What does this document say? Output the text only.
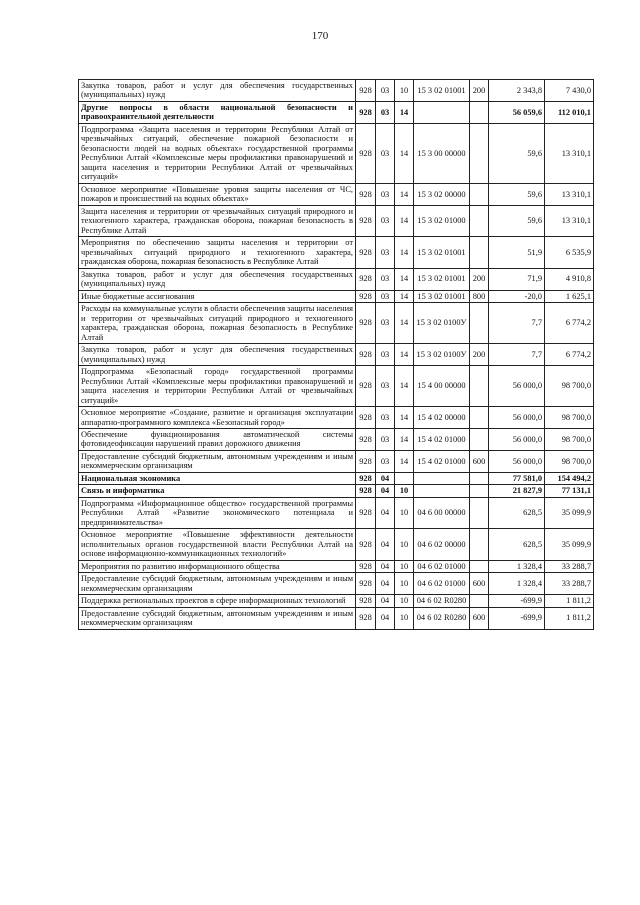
170
Закупка товаров, работ и услуг для обеспечения государственных (муниципальных) нужд	928	03	10	15 3 02 01001	200	2 343,8	7 430,0
Другие вопросы в области национальной безопасности и правоохранительной деятельности	928	03	14			56 059,6	112 010,1
Подпрограмма «Защита населения и территории Республики Алтай от чрезвычайных ситуаций, обеспечение пожарной безопасности и безопасности людей на водных объектах» государственной программы Республики Алтай «Комплексные меры профилактики правонарушений и защита населения и территории Республики Алтай от чрезвычайных ситуаций»	928	03	14	15 3 00 00000		59,6	13 310,1
Основное мероприятие «Повышение уровня защиты населения от ЧС, пожаров и происшествий на водных объектах»	928	03	14	15 3 02 00000		59,6	13 310,1
Защита населения и территории от чрезвычайных ситуаций природного и техногенного характера, гражданская оборона, пожарная безопасность в Республике Алтай	928	03	14	15 3 02 01000		59,6	13 310,1
Мероприятия по обеспечению защиты населения и территории от чрезвычайных ситуаций природного и техногенного характера, гражданская оборона, пожарная безопасность в Республике Алтай	928	03	14	15 3 02 01001		51,9	6 535,9
Закупка товаров, работ и услуг для обеспечения государственных (муниципальных) нужд	928	03	14	15 3 02 01001	200	71,9	4 910,8
Иные бюджетные ассигнования	928	03	14	15 3 02 01001	800	-20,0	1 625,1
Расходы на коммунальные услуги в области обеспечения защиты населения и территории от чрезвычайных ситуаций природного и техногенного характера, гражданская оборона, пожарная безопасность в Республике Алтай	928	03	14	15 3 02 0100У		7,7	6 774,2
Закупка товаров, работ и услуг для обеспечения государственных (муниципальных) нужд	928	03	14	15 3 02 0100У	200	7,7	6 774,2
Подпрограмма «Безопасный город» государственной программы Республики Алтай «Комплексные меры профилактики правонарушений и защита населения и территории Республики Алтай от чрезвычайных ситуаций»	928	03	14	15 4 00 00000		56 000,0	98 700,0
Основное мероприятие «Создание, развитие и организация эксплуатации аппаратно-программного комплекса «Безопасный город»	928	03	14	15 4 02 00000		56 000,0	98 700,0
Обеспечение функционирования автоматической системы фотовидеофиксации нарушений правил дорожного движения	928	03	14	15 4 02 01000		56 000,0	98 700,0
Предоставление субсидий бюджетным, автономным учреждениям и иным некоммерческим организациям	928	03	14	15 4 02 01000	600	56 000,0	98 700,0
Национальная экономика	928	04				77 581,0	154 494,2
Связь и информатика	928	04	10			21 827,9	77 131,1
Подпрограмма «Информационное общество» государственной программы Республики Алтай «Развитие экономического потенциала и предпринимательства»	928	04	10	04 6 00 00000		628,5	35 099,9
Основное мероприятие «Повышение эффективности деятельности исполнительных органов государственной власти Республики Алтай на основе информационно-коммуникационных технологий»	928	04	10	04 6 02 00000		628,5	35 099,9
Мероприятия по развитию информационного общества	928	04	10	04 6 02 01000		1 328,4	33 288,7
Предоставление субсидий бюджетным, автономным учреждениям и иным некоммерческим организациям	928	04	10	04 6 02 01000	600	1 328,4	33 288,7
Поддержка региональных проектов в сфере информационных технологий	928	04	10	04 6 02 R0280		-699,9	1 811,2
Предоставление субсидий бюджетным, автономным учреждениям и иным некоммерческим организациям	928	04	10	04 6 02 R0280	600	-699,9	1 811,2
